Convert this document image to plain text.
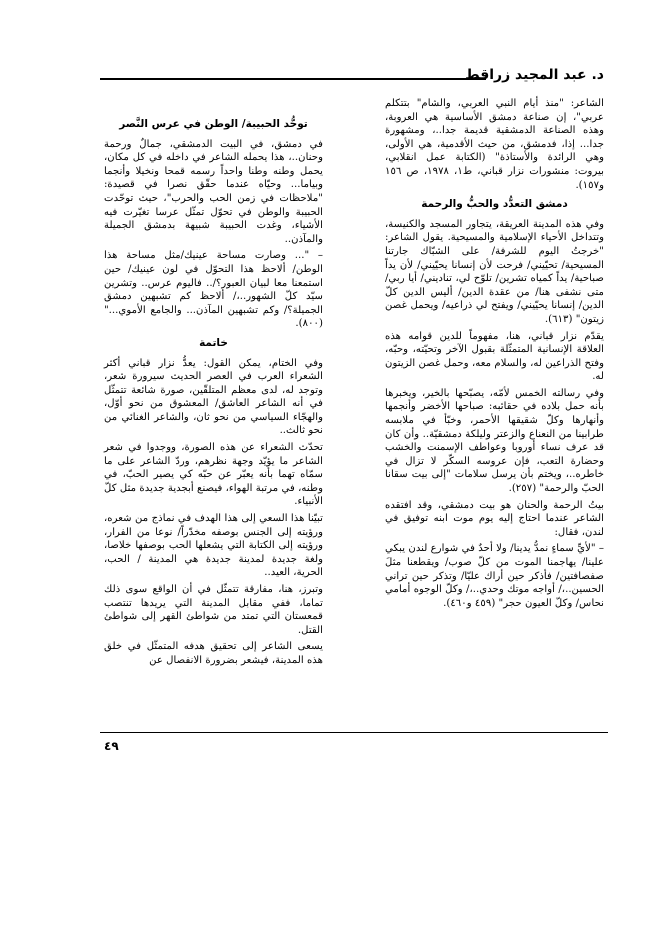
د. عبد المجيد زراقط

الشاعر: "منذ أيام النبي العربي، والشام" بتتكلم عربي"، إن صناعة دمشق الأساسية هي العروبة، وهذه الصناعة الدمشقية قديمة جدا..، ومشهورة جدا... إذا، فدمشق، من حيث الأقدمية، هي الأولى، وهي الرائدة والأستاذة" (الكتابة عمل انقلابي، بيروت: منشورات نزار قباني، ط١، ١٩٧٨، ص ١٥٦ و١٥٧).

دمشق التعدُّد والحبُّ والرحمة

وفي هذه المدينة العريقة، يتجاور المسجد والكنيسة، وتتداخل الأحياء الإسلامية والمسيحية. يقول الشاعر: "خرجتُ اليوم للشرفة/ على الشبّاك جارتنا المسيحية/ تحيّيني/ فرحت لأن إنسانا يحيّيني/ لأن يداً صباحية/ يداً كمياه تشرين/ تلوّح لي، تناديني/ أيا ربي/ متى نشفى هنا/ من عقدة الدين/ أليس الدين كلّ الدين/ إنسانا يحيّيني/ ويفتح لي ذراعيه/ ويحمل غصن زيتون" (٦١٣).

يقدّم نزار قباني، هنا، مفهوماً للدين قوامه هذه العلاقة الإنسانية المتمثّلة بقبول الآخر وتحيّته، وحبّه، وفتح الذراعين له، والسلام معه، وحمل غصن الزيتون له.

وفي رسالته الخمس لأمّه، يصبّحها بالخير، ويخبرها بأنه حمل بلاده في حقائبه: صباحها الأخضر وأنجمها وأنهارها وكلّ شقيقها الأحمر، وخبّأ في ملابسه طرابينا من النعناع والزعتر وليلكة دمشقيّة.. وأن كان قد عرف نساء أوروبا وعواطف الإسمنت والخشب وحضارة التعب، فإن عروسه السكّر لا تزال في خاطره..، ويختم بأن يرسل سلامات "إلى بيت سقانا الحبّ والرحمة" (٢٥٧).

بيتُ الرحمة والحنان هو بيت دمشقي، وقد افتقده الشاعر عندما احتاج إليه يوم موت ابنه توفيق في لندن، فقال:

– "لأيِّ سماءٍ نمدُّ يدينا/ ولا أحدٌ في شوارع لندن يبكي علينا/ يهاجمنا الموت من كلّ صوب/ ويقطعنا مثلَ صفصافتين/ فأذكر حين أراك عليّا/ وتذكر حين تراني الحسين..،/ أواجه موتك وحدي..،/ وكلّ الوجوه أمامي نحاس/ وكلّ العيون حجر" (٤٥٩ و٤٦٠).

توحُّد الحبيبة/ الوطن في عرس النَّصر

في دمشق، في البيت الدمشقي، جمالٌ ورحمة وحنان..، هذا يحمله الشاعر في داخله في كل مكان، يحمل وطنه وطنا واحداً رسمه قمحا ونخيلا وأنجما وبياما... وحيّاه عندما حقّق نصرا في قصيدة: "ملاحظات في زمن الحب والحرب"، حيث توحّدت الحبيبة والوطن في تحوّل تمثّل عرسا تغيّرت فيه الأشياء، وغدت الحبيبة شبيهة بدمشق الجميلة والمآذن..

– "... وصارت مساحة عينيك/مثل مساحة هذا الوطن/ ألاحظ هذا التحوّل في لون عينيك/ حين استمعنا معا لبيان العبور؟/.. فاليوم عرس.. وتشرين سيّد كلّ الشهور..،/ ألاحظ كم تشبهين دمشق الجميلة؟/ وكم تشبهين المآذن... والجامع الأموي..." (٨٠٠).

خاتمة

وفي الختام، يمكن القول: يعدُّ نزار قباني أكثر الشعراء العرب في العصر الحديث سيرورة شعر، وتوجد له، لدى معظم المتلقّين، صورة شائعة تتمثّل في أنه الشاعر العاشق/ المعشوق من نحو أوّل، والهجّاء السياسي من نحو ثان، والشاعر الغنائي من نحو ثالث..

تحدّث الشعراء عن هذه الصورة، ووجدوا في شعر الشاعر ما يؤيّد وجهة نظرهم، وردّ الشاعر على ما سمّاه تهما بأنه يعبّر عن حبّه كي يصير الحبّ، في وطنه، في مرتبة الهواء، فيصنع أبجدية جديدة مثل كلّ الأنبياء.

تبيّنا هذا السعي إلى هذا الهدف في نماذج من شعره، ورؤيته إلى الجنس بوصفه مخدّراً/ نوعا من الفرار، ورؤيته إلى الكتابة التي يشعلها الحب بوصفها خلاصا، ولغة جديدة لمدينة جديدة هي المدينة / الحب، الحرية، العيد..

وتبرز، هنا، مفارقة تتمثّل في أن الواقع سوى ذلك تماما، ففي مقابل المدينة التي يريدها تنتصب قمعستان التي تمتد من شواطئ القهر إلى شواطئ القتل.

يسعى الشاعر إلى تحقيق هدفه المتمثّل في خلق هذه المدينة، فيشعر بضرورة الانفصال عن

٤٩
